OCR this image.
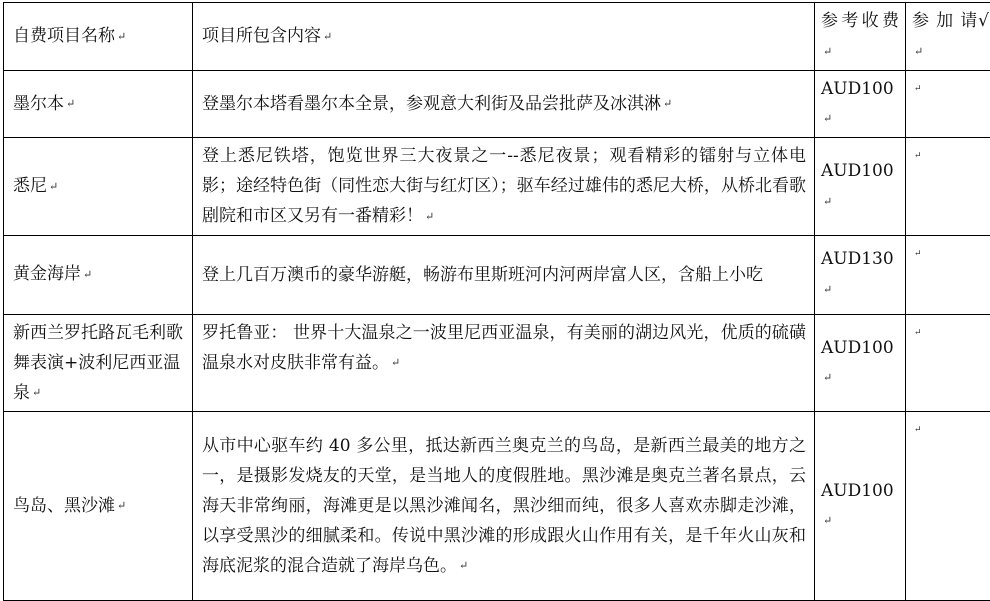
自费项目名称 ↵	项目所包含内容 ↵	参考收费↵	参 加 请√↵
墨尔本 ↵	登墨尔本塔看墨尔本全景，参观意大利街及品尝批萨及冰淇淋 ↵	AUD100↵	↵
悉尼 ↵	登上悉尼铁塔，饱览世界三大夜景之一--悉尼夜景；观看精彩的镭射与立体电影；途经特色街（同性恋大街与红灯区）；驱车经过雄伟的悉尼大桥，从桥北看歌剧院和市区又另有一番精彩！ ↵	AUD100↵	↵
黄金海岸 ↵	登上几百万澳币的豪华游艇，畅游布里斯班河内河两岸富人区，含船上小吃	AUD130↵	↵
新西兰罗托路瓦毛利歌舞表演+波利尼西亚温泉 ↵	罗托鲁亚： 世界十大温泉之一波里尼西亚温泉，有美丽的湖边风光，优质的硫磺温泉水对皮肤非常有益。 ↵	AUD100↵	↵
鸟岛、黑沙滩 ↵	从市中心驱车约 40 多公里，抵达新西兰奥克兰的鸟岛，是新西兰最美的地方之一，是摄影发烧友的天堂，是当地人的度假胜地。黑沙滩是奥克兰著名景点，云海天非常绚丽，海滩更是以黑沙滩闻名，黑沙细而纯，很多人喜欢赤脚走沙滩，以享受黑沙的细腻柔和。传说中黑沙滩的形成跟火山作用有关，是千年火山灰和海底泥浆的混合造就了海岸乌色。 ↵	AUD100↵	↵
